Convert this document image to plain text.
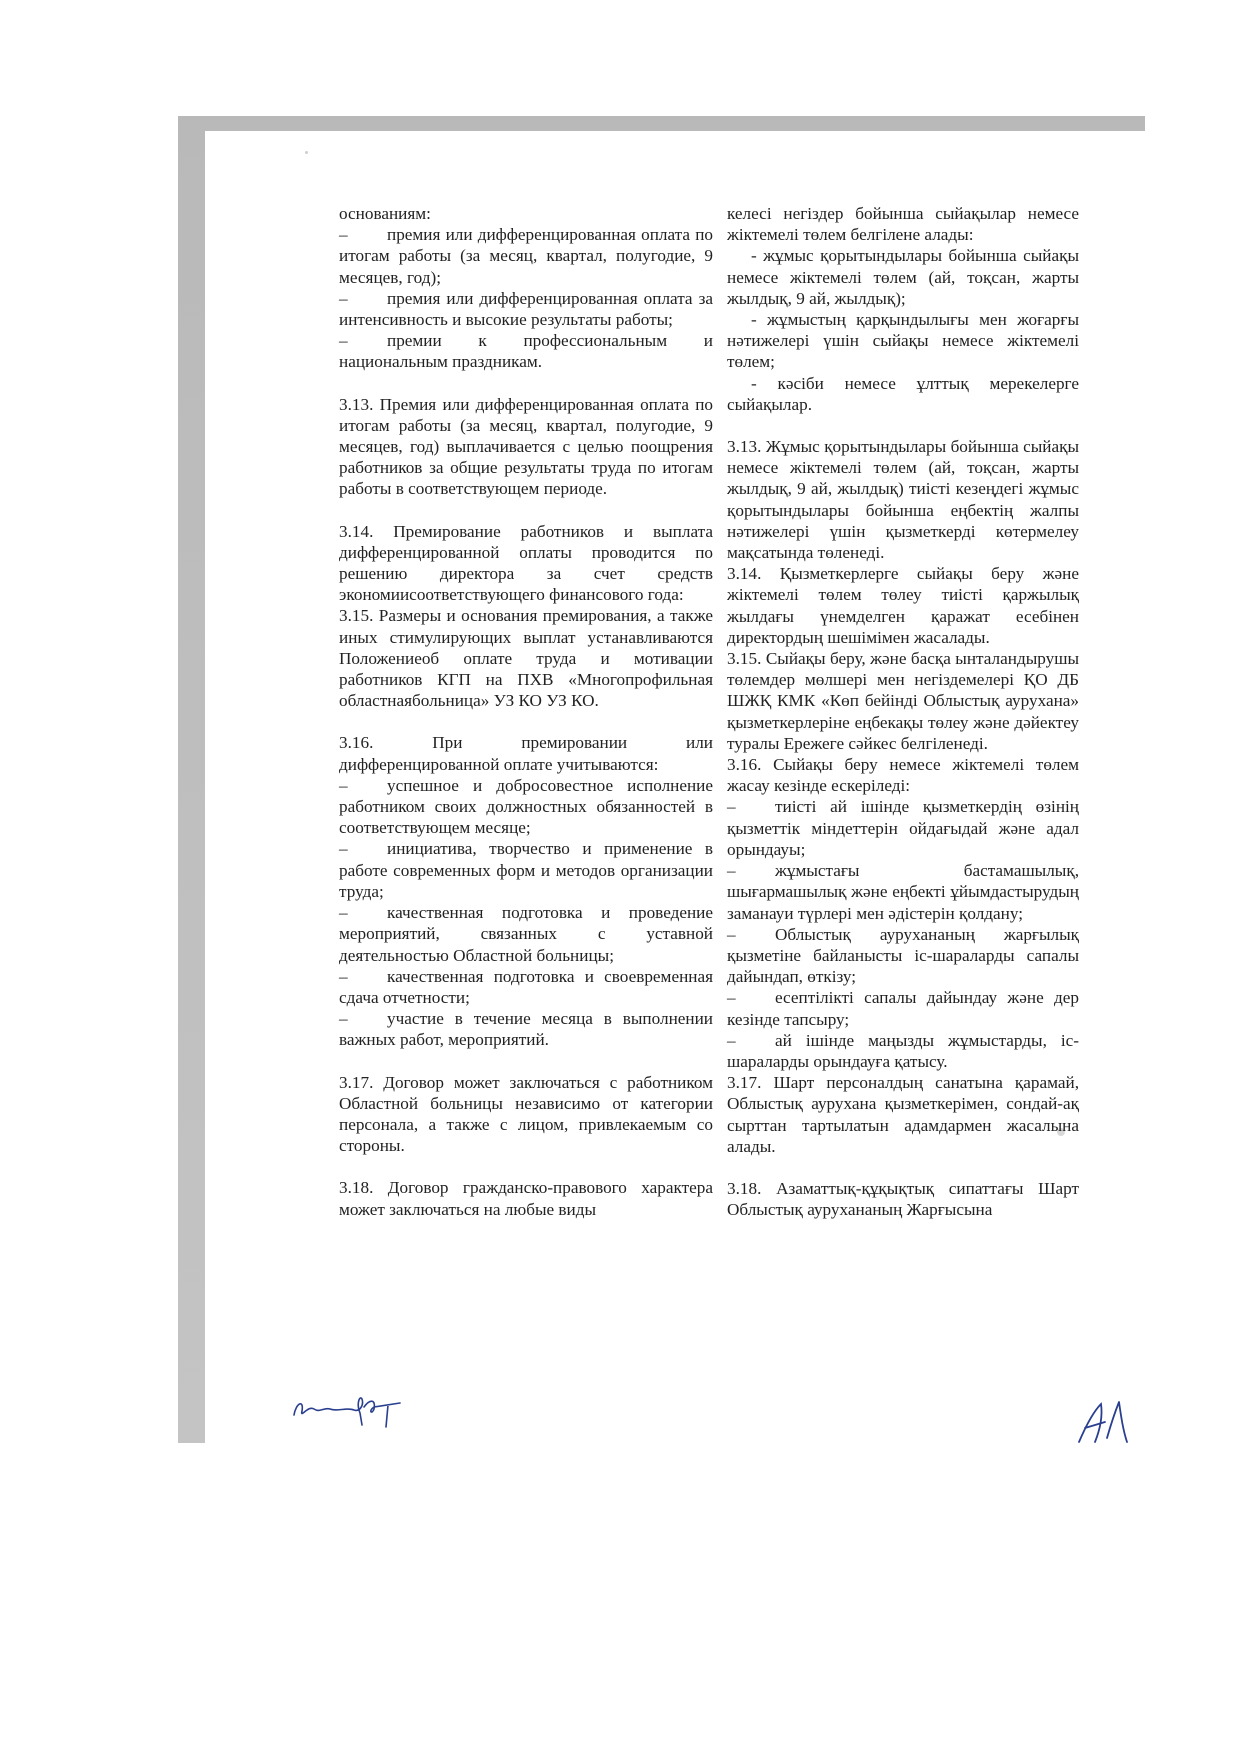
основаниям:

– премия или дифференцированная оплата по итогам работы (за месяц, квартал, полугодие, 9 месяцев, год);

– премия или дифференцированная оплата за интенсивность и высокие результаты работы;

– премии к профессиональным и национальным праздникам.

3.13. Премия или дифференцированная оплата по итогам работы (за месяц, квартал, полугодие, 9 месяцев, год) выплачивается с целью поощрения работников за общие результаты труда по итогам работы в соответствующем периоде.

3.14. Премирование работников и выплата дифференцированной оплаты проводится по решению директора за счет средств экономиисоответствующего финансового года:

3.15. Размеры и основания премирования, а также иных стимулирующих выплат устанавливаются Положениеоб оплате труда и мотивации работников КГП на ПХВ «Многопрофильная областнаябольница» УЗ КО УЗ КО.

3.16. При премировании или дифференцированной оплате учитываются:

– успешное и добросовестное исполнение работником своих должностных обязанностей в соответствующем месяце;

– инициатива, творчество и применение в работе современных форм и методов организации труда;

– качественная подготовка и проведение мероприятий, связанных с уставной деятельностью Областной больницы;

– качественная подготовка и своевременная сдача отчетности;

– участие в течение месяца в выполнении важных работ, мероприятий.

3.17. Договор может заключаться с работником Областной больницы независимо от категории персонала, а также с лицом, привлекаемым со стороны.

3.18. Договор гражданско-правового характера может заключаться на любые виды

келесі негіздер бойынша сыйақылар немесе жіктемелі төлем белгілене алады:

- жұмыс қорытындылары бойынша сыйақы немесе жіктемелі төлем (ай, тоқсан, жарты жылдық, 9 ай, жылдық);

- жұмыстың қарқындылығы мен жоғарғы нәтижелері үшін сыйақы немесе жіктемелі төлем;

- кәсіби немесе ұлттық мерекелерге сыйақылар.

3.13. Жұмыс қорытындылары бойынша сыйақы немесе жіктемелі төлем (ай, тоқсан, жарты жылдық, 9 ай, жылдық) тиісті кезеңдегі жұмыс қорытындылары бойынша еңбектің жалпы нәтижелері үшін қызметкерді көтермелеу мақсатында төленеді.

3.14. Қызметкерлерге сыйақы беру және жіктемелі төлем төлеу тиісті қаржылық жылдағы үнемделген қаражат есебінен директордың шешімімен жасалады.

3.15. Сыйақы беру, және басқа ынталандырушы төлемдер мөлшері мен негіздемелері ҚО ДБ ШЖҚ КМК «Көп бейінді Облыстық аурухана» қызметкерлеріне еңбекақы төлеу және дәйектеу туралы Ережеге сәйкес белгіленеді.

3.16. Сыйақы беру немесе жіктемелі төлем жасау кезінде ескеріледі:

– тиісті ай ішінде қызметкердің өзінің қызметтік міндеттерін ойдағыдай және адал орындауы;

– жұмыстағы бастамашылық, шығармашылық және еңбекті ұйымдастырудың заманауи түрлері мен әдістерін қолдану;

– Облыстық аурухананың жарғылық қызметіне байланысты іс-шараларды сапалы дайындап, өткізу;

– есептілікті сапалы дайындау және дер кезінде тапсыру;

– ай ішінде маңызды жұмыстарды, іс-шараларды орындауға қатысу.

3.17. Шарт персоналдың санатына қарамай, Облыстық аурухана қызметкерімен, сондай-ақ сырттан тартылатын адамдармен жасалына алады.

3.18. Азаматтық-құқықтық сипаттағы Шарт Облыстық аурухананың Жарғысына
